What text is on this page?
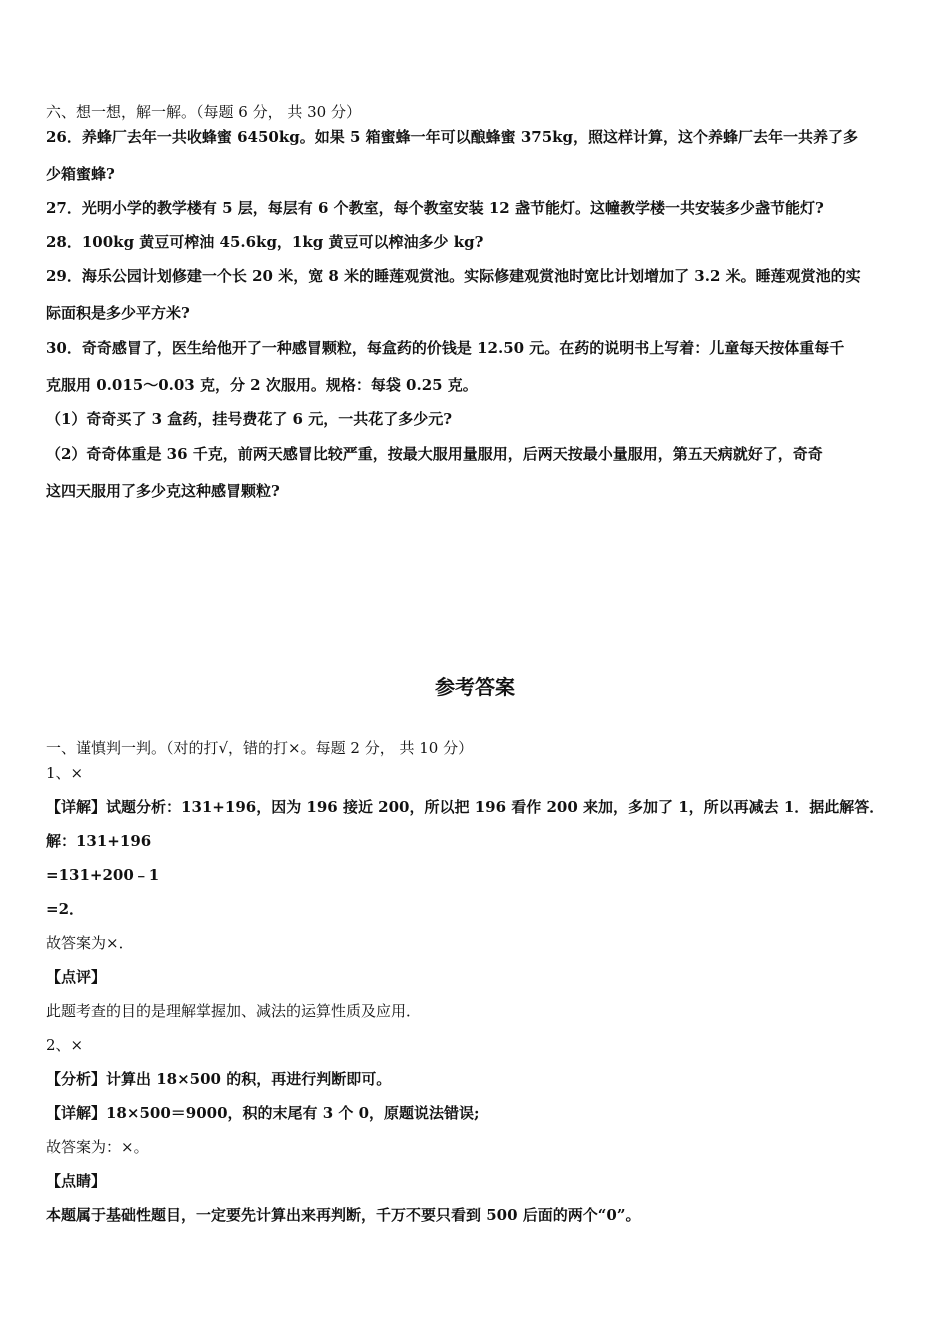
六、想一想，解一解。（每题 6 分， 共 30 分）
26．养蜂厂去年一共收蜂蜜 6450kg。如果 5 箱蜜蜂一年可以酿蜂蜜 375kg，照这样计算，这个养蜂厂去年一共养了多
少箱蜜蜂?
27．光明小学的教学楼有 5 层，每层有 6 个教室，每个教室安装 12 盏节能灯。这幢教学楼一共安装多少盏节能灯?
28．100kg 黄豆可榨油 45.6kg，1kg 黄豆可以榨油多少 kg?
29．海乐公园计划修建一个长 20 米，宽 8 米的睡莲观赏池。实际修建观赏池时宽比计划增加了 3.2 米。睡莲观赏池的实
际面积是多少平方米?
30．奇奇感冒了，医生给他开了一种感冒颗粒，每盒药的价钱是 12.50 元。在药的说明书上写着：儿童每天按体重每千
克服用 0.015～0.03 克，分 2 次服用。规格：每袋 0.25 克。
（1）奇奇买了 3 盒药，挂号费花了 6 元，一共花了多少元?
（2）奇奇体重是 36 千克，前两天感冒比较严重，按最大服用量服用，后两天按最小量服用，第五天病就好了，奇奇
这四天服用了多少克这种感冒颗粒?
参考答案
一、谨慎判一判。（对的打√，错的打×。每题 2 分， 共 10 分）
1、×
【详解】试题分析：131+196，因为 196 接近 200，所以把 196 看作 200 来加，多加了 1，所以再减去 1．据此解答．
解：131+196
=131+200﹣1
=2．
故答案为×．
【点评】
此题考查的目的是理解掌握加、减法的运算性质及应用．
2、×
【分析】计算出 18×500 的积，再进行判断即可。
【详解】18×500＝9000，积的末尾有 3 个 0，原题说法错误;
故答案为：×。
【点睛】
本题属于基础性题目，一定要先计算出来再判断，千万不要只看到 500 后面的两个“0”。
